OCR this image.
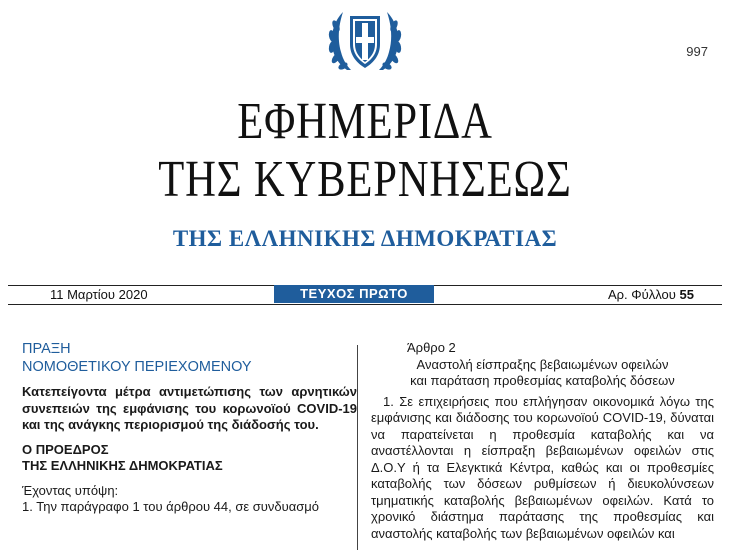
997
ΕΦΗΜΕΡΙΔΑ
ΤΗΣ ΚΥΒΕΡΝΗΣΕΩΣ
ΤΗΣ ΕΛΛΗΝΙΚΗΣ ΔΗΜΟΚΡΑΤΙΑΣ
11 Μαρτίου 2020	ΤΕΥΧΟΣ ΠΡΩΤΟ	Αρ. Φύλλου 55

ΠΡΑΞΗ

ΝΟΜΟΘΕΤΙΚΟΥ ΠΕΡΙΕΧΟΜΕΝΟΥ

Κατεπείγοντα μέτρα αντιμετώπισης των αρνητικών συνεπειών της εμφάνισης του κορωνοϊού COVID-19 και της ανάγκης περιορισμού της διάδοσής του.

Ο ΠΡΟΕΔΡΟΣ

ΤΗΣ ΕΛΛΗΝΙΚΗΣ ΔΗΜΟΚΡΑΤΙΑΣ

Έχοντας υπόψη:

1. Την παράγραφο 1 του άρθρου 44, σε συνδυασμό

Άρθρο 2

Αναστολή είσπραξης βεβαιωμένων οφειλών

και παράταση προθεσμίας καταβολής δόσεων

1. Σε επιχειρήσεις που επλήγησαν οικονομικά λόγω της εμφάνισης και διάδοσης του κορωνοϊού COVID-19, δύναται να παρατείνεται η προθεσμία καταβολής και να αναστέλλονται η είσπραξη βεβαιωμένων οφειλών στις Δ.Ο.Υ ή τα Ελεγκτικά Κέντρα, καθώς και οι προθεσμίες καταβολής των δόσεων ρυθμίσεων ή διευκολύνσεων τμηματικής καταβολής βεβαιωμένων οφειλών. Κατά το χρονικό διάστημα παράτασης της προθεσμίας και αναστολής καταβολής των βεβαιωμένων οφειλών και
